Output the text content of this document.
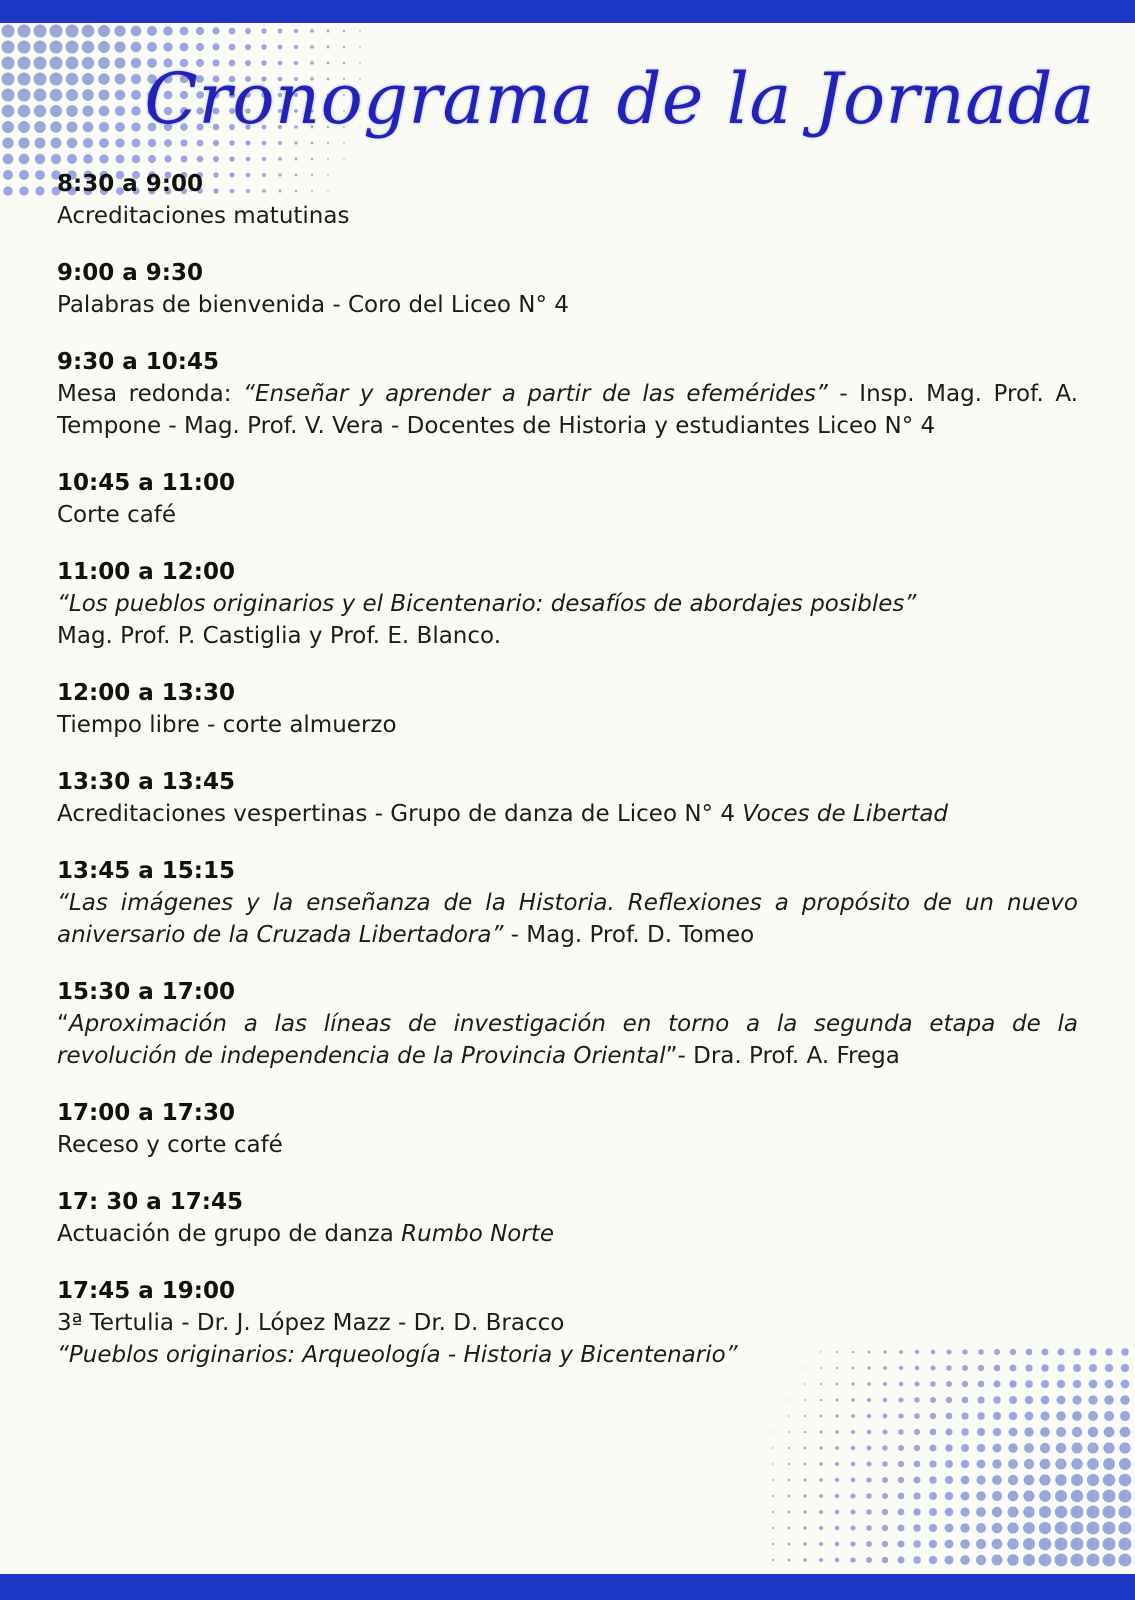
Cronograma de la Jornada
8:30 a 9:00
Acreditaciones matutinas
9:00 a 9:30
Palabras de bienvenida - Coro del Liceo N° 4
9:30 a 10:45
Mesa redonda: “Enseñar y aprender a partir de las efemérides” - Insp. Mag. Prof. A. Tempone - Mag. Prof. V. Vera - Docentes de Historia y estudiantes Liceo N° 4
10:45 a 11:00
Corte café
11:00 a 12:00
“Los pueblos originarios y el Bicentenario: desafíos de abordajes posibles”
Mag. Prof. P. Castiglia y Prof. E. Blanco.
12:00 a 13:30
Tiempo libre - corte almuerzo
13:30 a 13:45
Acreditaciones vespertinas - Grupo de danza de Liceo N° 4 Voces de Libertad
13:45 a 15:15
“Las imágenes y la enseñanza de la Historia. Reflexiones a propósito de un nuevo aniversario de la Cruzada Libertadora” - Mag. Prof. D. Tomeo
15:30 a 17:00
“Aproximación a las líneas de investigación en torno a la segunda etapa de la revolución de independencia de la Provincia Oriental”- Dra. Prof. A. Frega
17:00 a 17:30
Receso y corte café
17: 30 a 17:45
Actuación de grupo de danza Rumbo Norte
17:45 a 19:00
3ª Tertulia - Dr. J. López Mazz - Dr. D. Bracco
“Pueblos originarios: Arqueología - Historia y Bicentenario”
